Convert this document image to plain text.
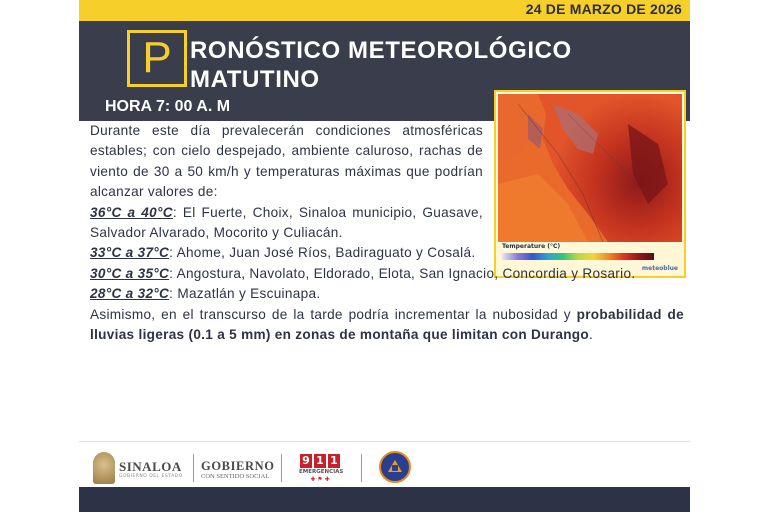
24 DE MARZO DE 2026
P RONÓSTICO METEOROLÓGICO
MATUTINO
HORA 7: 00 A. M
Temperature (°C)
meteoblue

Durante este día prevalecerán condiciones atmosféricas estables; con cielo despejado, ambiente caluroso, rachas de viento de 30 a 50 km/h y temperaturas máximas que podrían alcanzar valores de:

36°C a 40°C: El Fuerte, Choix, Sinaloa municipio, Guasave, Salvador Alvarado, Mocorito y Culiacán.

33°C a 37°C: Ahome, Juan José Ríos, Badiraguato y Cosalá.

30°C a 35°C: Angostura, Navolato, Eldorado, Elota, San Ignacio, Concordia y Rosario.

28°C a 32°C: Mazatlán y Escuinapa.

Asimismo, en el transcurso de la tarde podría incrementar la nubosidad y probabilidad de lluvias ligeras (0.1 a 5 mm) en zonas de montaña que limitan con Durango.

SINALOA
GOBIERNO DEL ESTADO
GOBIERNO
CON SENTIDO SOCIAL
9 1 1
EMERGENCIAS
✚ ⚑ ✚
